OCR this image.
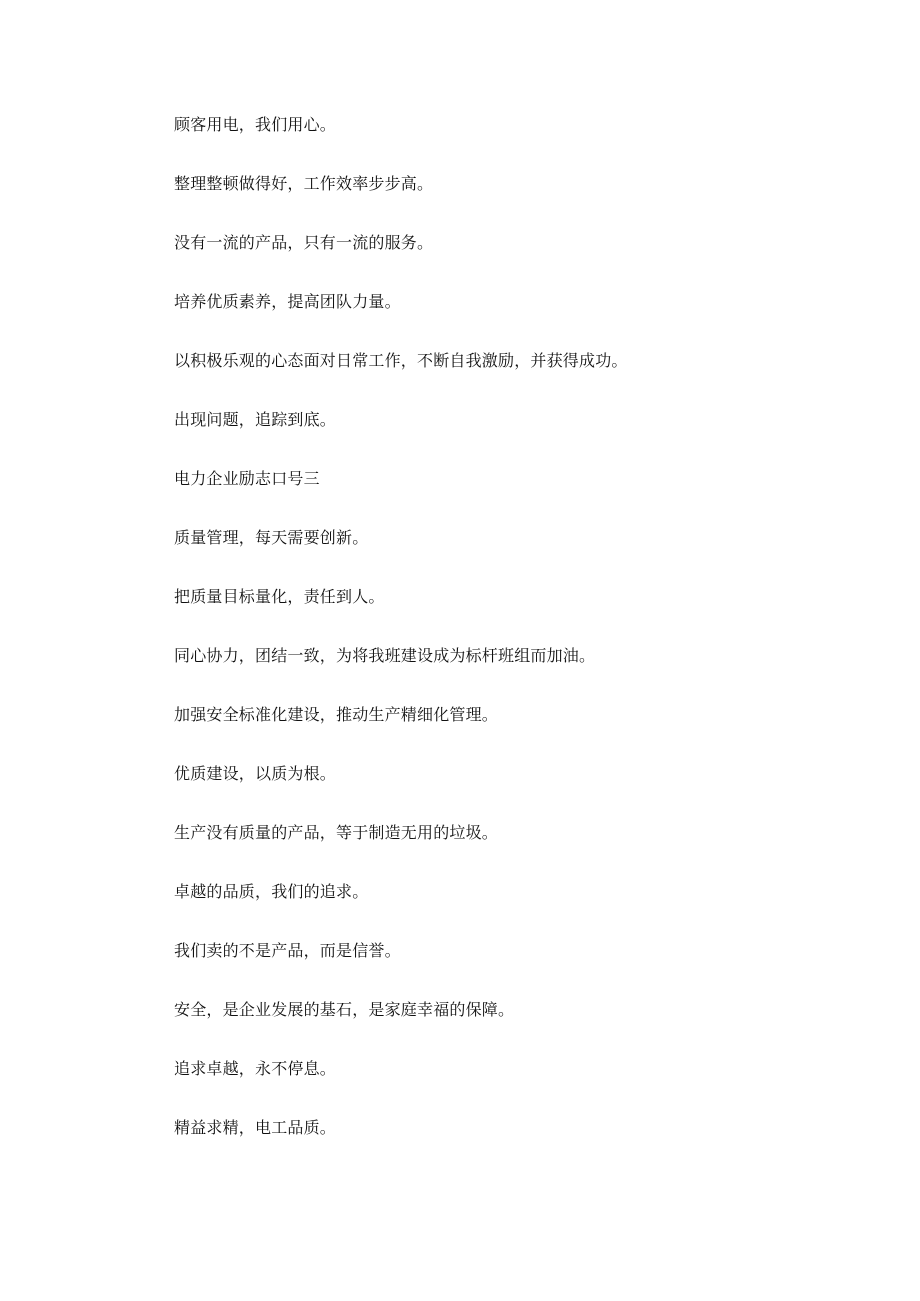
顾客用电，我们用心。
整理整顿做得好，工作效率步步高。
没有一流的产品，只有一流的服务。
培养优质素养，提高团队力量。
以积极乐观的心态面对日常工作，不断自我激励，并获得成功。
出现问题，追踪到底。
电力企业励志口号三
质量管理，每天需要创新。
把质量目标量化，责任到人。
同心协力，团结一致，为将我班建设成为标杆班组而加油。
加强安全标准化建设，推动生产精细化管理。
优质建设，以质为根。
生产没有质量的产品，等于制造无用的垃圾。
卓越的品质，我们的追求。
我们卖的不是产品，而是信誉。
安全，是企业发展的基石，是家庭幸福的保障。
追求卓越，永不停息。
精益求精，电工品质。
